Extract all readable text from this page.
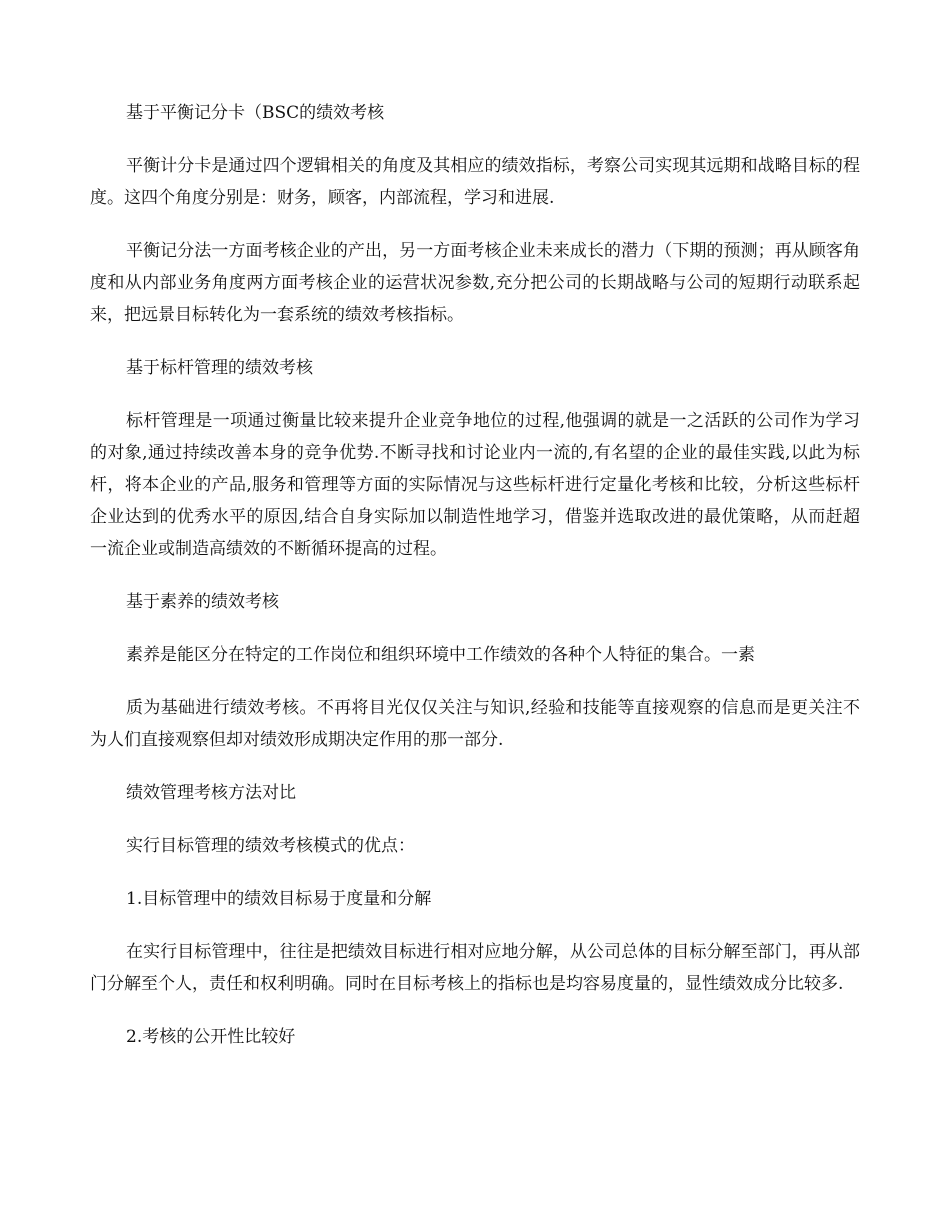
基于平衡记分卡（BSC的绩效考核

平衡计分卡是通过四个逻辑相关的角度及其相应的绩效指标，考察公司实现其远期和战略目标的程度。这四个角度分别是：财务，顾客，内部流程，学习和进展.

平衡记分法一方面考核企业的产出，另一方面考核企业未来成长的潜力（下期的预测；再从顾客角度和从内部业务角度两方面考核企业的运营状况参数,充分把公司的长期战略与公司的短期行动联系起来，把远景目标转化为一套系统的绩效考核指标。

基于标杆管理的绩效考核

标杆管理是一项通过衡量比较来提升企业竞争地位的过程,他强调的就是一之活跃的公司作为学习的对象,通过持续改善本身的竞争优势.不断寻找和讨论业内一流的,有名望的企业的最佳实践,以此为标杆，将本企业的产品,服务和管理等方面的实际情况与这些标杆进行定量化考核和比较，分析这些标杆企业达到的优秀水平的原因,结合自身实际加以制造性地学习，借鉴并选取改进的最优策略，从而赶超一流企业或制造高绩效的不断循环提高的过程。

基于素养的绩效考核

素养是能区分在特定的工作岗位和组织环境中工作绩效的各种个人特征的集合。一素

质为基础进行绩效考核。不再将目光仅仅关注与知识,经验和技能等直接观察的信息而是更关注不为人们直接观察但却对绩效形成期决定作用的那一部分.

绩效管理考核方法对比

实行目标管理的绩效考核模式的优点：

1.目标管理中的绩效目标易于度量和分解

在实行目标管理中，往往是把绩效目标进行相对应地分解，从公司总体的目标分解至部门，再从部门分解至个人，责任和权利明确。同时在目标考核上的指标也是均容易度量的，显性绩效成分比较多.

2.考核的公开性比较好
